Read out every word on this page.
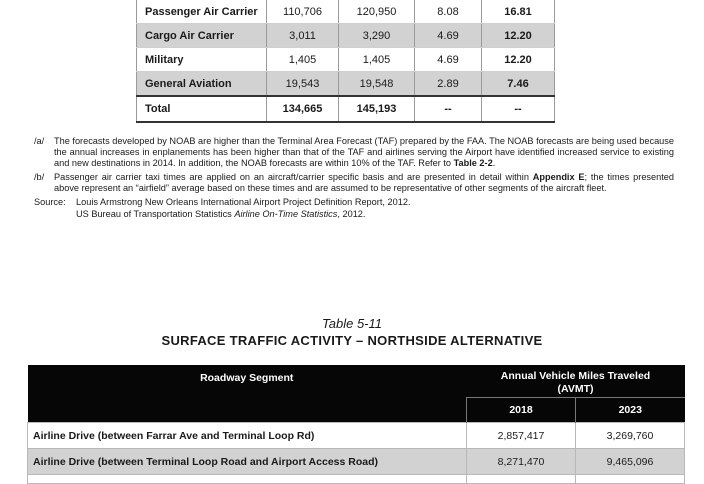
Passenger Air Carrier	110,706	120,950	8.08	16.81
Cargo Air Carrier	3,011	3,290	4.69	12.20
Military	1,405	1,405	4.69	12.20
General Aviation	19,543	19,548	2.89	7.46
Total	134,665	145,193	--	--
/a/	The forecasts developed by NOAB are higher than the Terminal Area Forecast (TAF) prepared by the FAA. The NOAB forecasts are being used because the annual increases in enplanements has been higher than that of the TAF and airlines serving the Airport have identified increased service to existing and new destinations in 2014. In addition, the NOAB forecasts are within 10% of the TAF. Refer to Table 2-2.
/b/	Passenger air carrier taxi times are applied on an aircraft/carrier specific basis and are presented in detail within Appendix E; the times presented above represent an “airfield” average based on these times and are assumed to be representative of other segments of the aircraft fleet.
Source:	Louis Armstrong New Orleans International Airport Project Definition Report, 2012.
US Bureau of Transportation Statistics Airline On-Time Statistics, 2012.
Table 5-11
SURFACE TRAFFIC ACTIVITY – NORTHSIDE ALTERNATIVE
Roadway Segment	Annual Vehicle Miles Traveled
(AVMT)	
	2018	2023
Airline Drive (between Farrar Ave and Terminal Loop Rd)	2,857,417	3,269,760
Airline Drive (between Terminal Loop Road and Airport Access Road)	8,271,470	9,465,096
